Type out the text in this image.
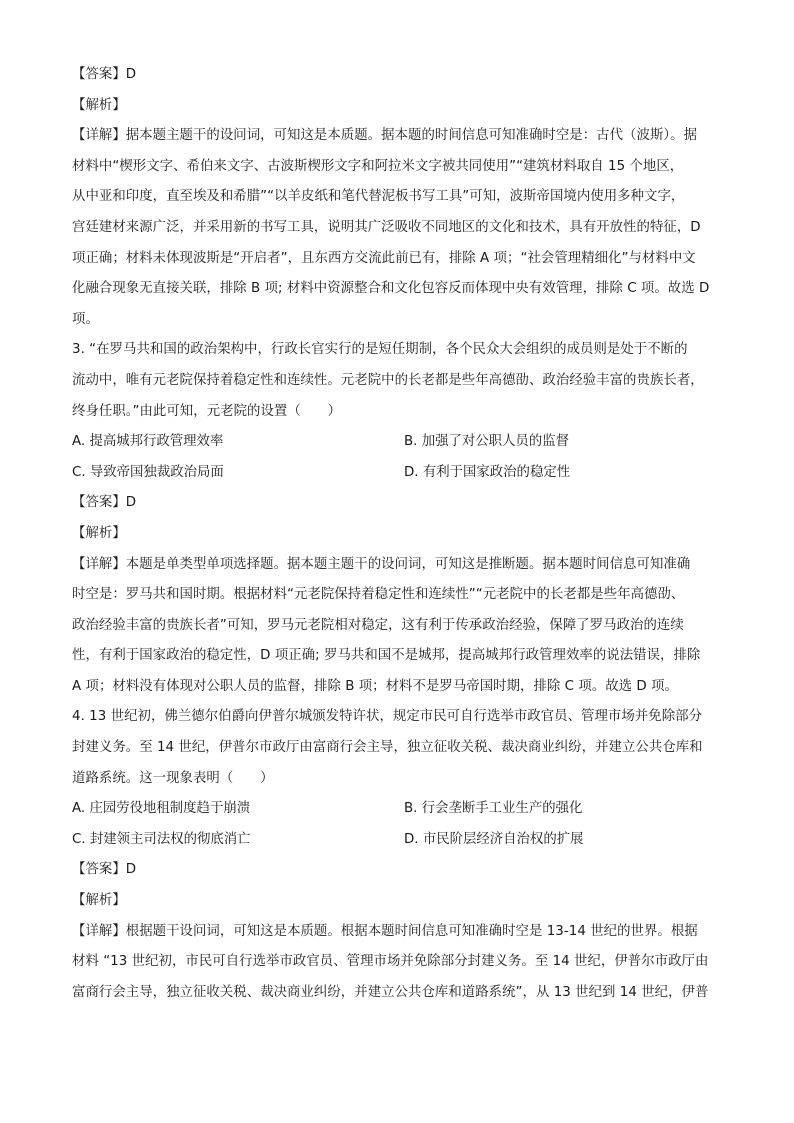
【答案】D
【解析】
【详解】据本题主题干的设问词，可知这是本质题。据本题的时间信息可知准确时空是：古代（波斯）。据
材料中“楔形文字、希伯来文字、古波斯楔形文字和阿拉米文字被共同使用”“建筑材料取自 15 个地区，
从中亚和印度，直至埃及和希腊”“以羊皮纸和笔代替泥板书写工具”可知，波斯帝国境内使用多种文字，
宫廷建材来源广泛，并采用新的书写工具，说明其广泛吸收不同地区的文化和技术，具有开放性的特征，D
项正确；材料未体现波斯是“开启者”，且东西方交流此前已有，排除 A 项；“社会管理精细化”与材料中文
化融合现象无直接关联，排除 B 项; 材料中资源整合和文化包容反而体现中央有效管理，排除 C 项。故选 D
项。
3. “在罗马共和国的政治架构中，行政长官实行的是短任期制，各个民众大会组织的成员则是处于不断的
流动中，唯有元老院保持着稳定性和连续性。元老院中的长老都是些年高德劭、政治经验丰富的贵族长者，
终身任职。”由此可知，元老院的设置（　　）
A. 提高城邦行政管理效率	B. 加强了对公职人员的监督
C. 导致帝国独裁政治局面	D. 有利于国家政治的稳定性
【答案】D
【解析】
【详解】本题是单类型单项选择题。据本题主题干的设问词，可知这是推断题。据本题时间信息可知准确
时空是：罗马共和国时期。根据材料“元老院保持着稳定性和连续性”“元老院中的长老都是些年高德劭、
政治经验丰富的贵族长者”可知，罗马元老院相对稳定，这有利于传承政治经验，保障了罗马政治的连续
性，有利于国家政治的稳定性，D 项正确; 罗马共和国不是城邦，提高城邦行政管理效率的说法错误，排除
A 项；材料没有体现对公职人员的监督，排除 B 项；材料不是罗马帝国时期，排除 C 项。故选 D 项。
4. 13 世纪初，佛兰德尔伯爵向伊普尔城颁发特许状，规定市民可自行选举市政官员、管理市场并免除部分
封建义务。至 14 世纪，伊普尔市政厅由富商行会主导，独立征收关税、裁决商业纠纷，并建立公共仓库和
道路系统。这一现象表明（　　）
A. 庄园劳役地租制度趋于崩溃	B. 行会垄断手工业生产的强化
C. 封建领主司法权的彻底消亡	D. 市民阶层经济自治权的扩展
【答案】D
【解析】
【详解】根据题干设问词，可知这是本质题。根据本题时间信息可知准确时空是 13-14 世纪的世界。根据
材料 “13 世纪初，市民可自行选举市政官员、管理市场并免除部分封建义务。至 14 世纪，伊普尔市政厅由
富商行会主导，独立征收关税、裁决商业纠纷，并建立公共仓库和道路系统”，从 13 世纪到 14 世纪，伊普
